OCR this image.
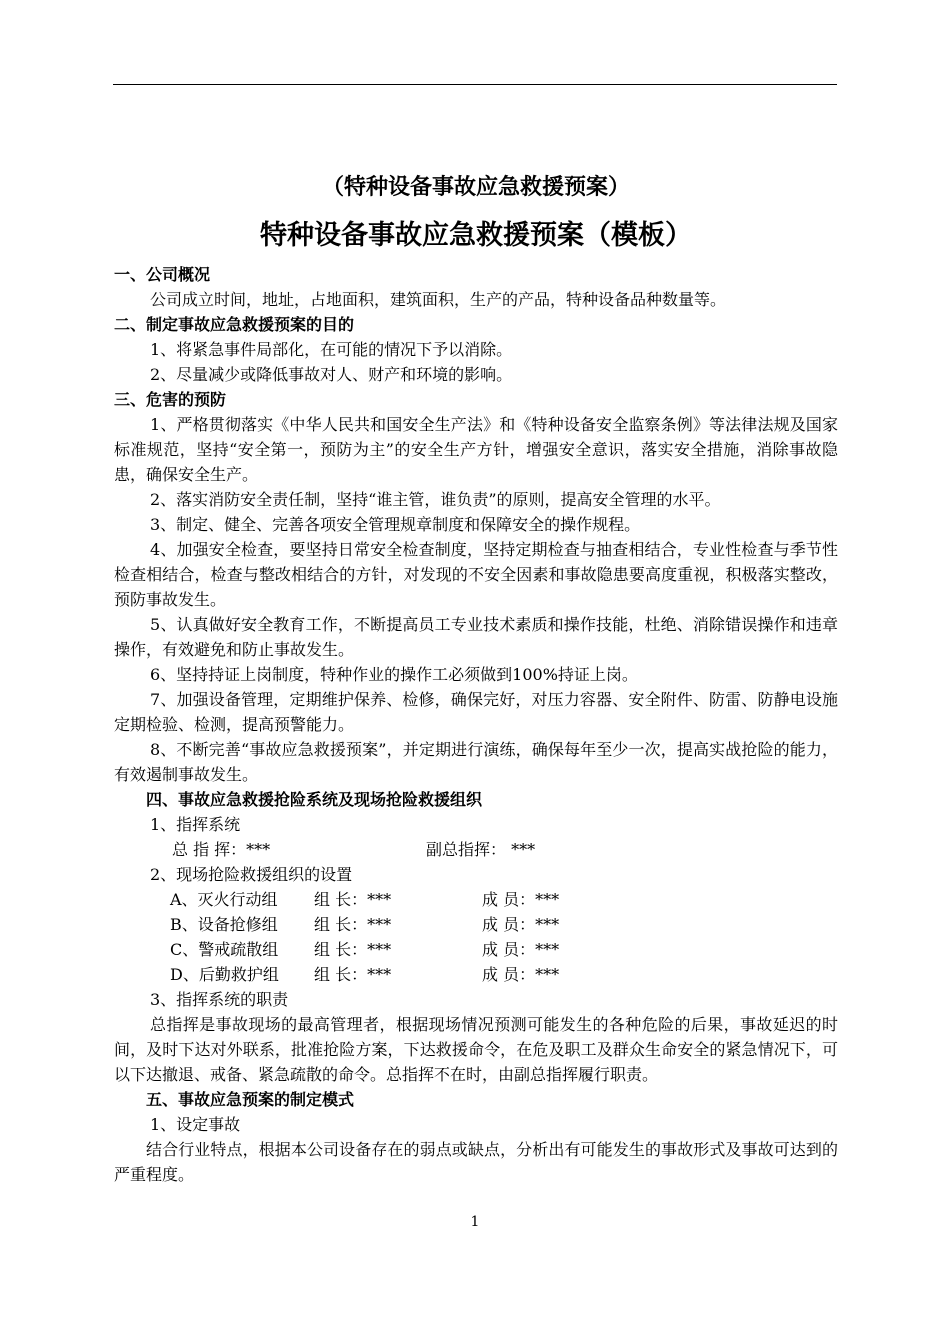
（特种设备事故应急救援预案）
特种设备事故应急救援预案（模板）
一、公司概况
公司成立时间，地址，占地面积，建筑面积，生产的产品，特种设备品种数量等。
二、制定事故应急救援预案的目的
1、将紧急事件局部化，在可能的情况下予以消除。
2、尽量减少或降低事故对人、财产和环境的影响。
三、危害的预防
1、严格贯彻落实《中华人民共和国安全生产法》和《特种设备安全监察条例》等法律法规及国家标准规范，坚持“安全第一，预防为主”的安全生产方针，增强安全意识，落实安全措施，消除事故隐患，确保安全生产。
2、落实消防安全责任制，坚持“谁主管，谁负责”的原则，提高安全管理的水平。
3、制定、健全、完善各项安全管理规章制度和保障安全的操作规程。
4、加强安全检查，要坚持日常安全检查制度，坚持定期检查与抽查相结合，专业性检查与季节性检查相结合，检查与整改相结合的方针，对发现的不安全因素和事故隐患要高度重视，积极落实整改，预防事故发生。
5、认真做好安全教育工作，不断提高员工专业技术素质和操作技能，杜绝、消除错误操作和违章操作，有效避免和防止事故发生。
6、坚持持证上岗制度，特种作业的操作工必须做到100%持证上岗。
7、加强设备管理，定期维护保养、检修，确保完好，对压力容器、安全附件、防雷、防静电设施定期检验、检测，提高预警能力。
8、不断完善“事故应急救援预案”，并定期进行演练，确保每年至少一次，提高实战抢险的能力，有效遏制事故发生。
四、事故应急救援抢险系统及现场抢险救援组织
1、指挥系统
总 指 挥：***	副总指挥： ***
2、现场抢险救援组织的设置
A、灭火行动组 组 长：***	成 员：***
B、设备抢修组 组 长：***	成 员：***
C、警戒疏散组 组 长：***	成 员：***
D、后勤救护组 组 长：***	成 员：***
3、指挥系统的职责
总指挥是事故现场的最高管理者，根据现场情况预测可能发生的各种危险的后果，事故延迟的时间，及时下达对外联系，批准抢险方案，下达救援命令，在危及职工及群众生命安全的紧急情况下，可以下达撤退、戒备、紧急疏散的命令。总指挥不在时，由副总指挥履行职责。
五、事故应急预案的制定模式
1、设定事故
结合行业特点，根据本公司设备存在的弱点或缺点，分析出有可能发生的事故形式及事故可达到的严重程度。
1
